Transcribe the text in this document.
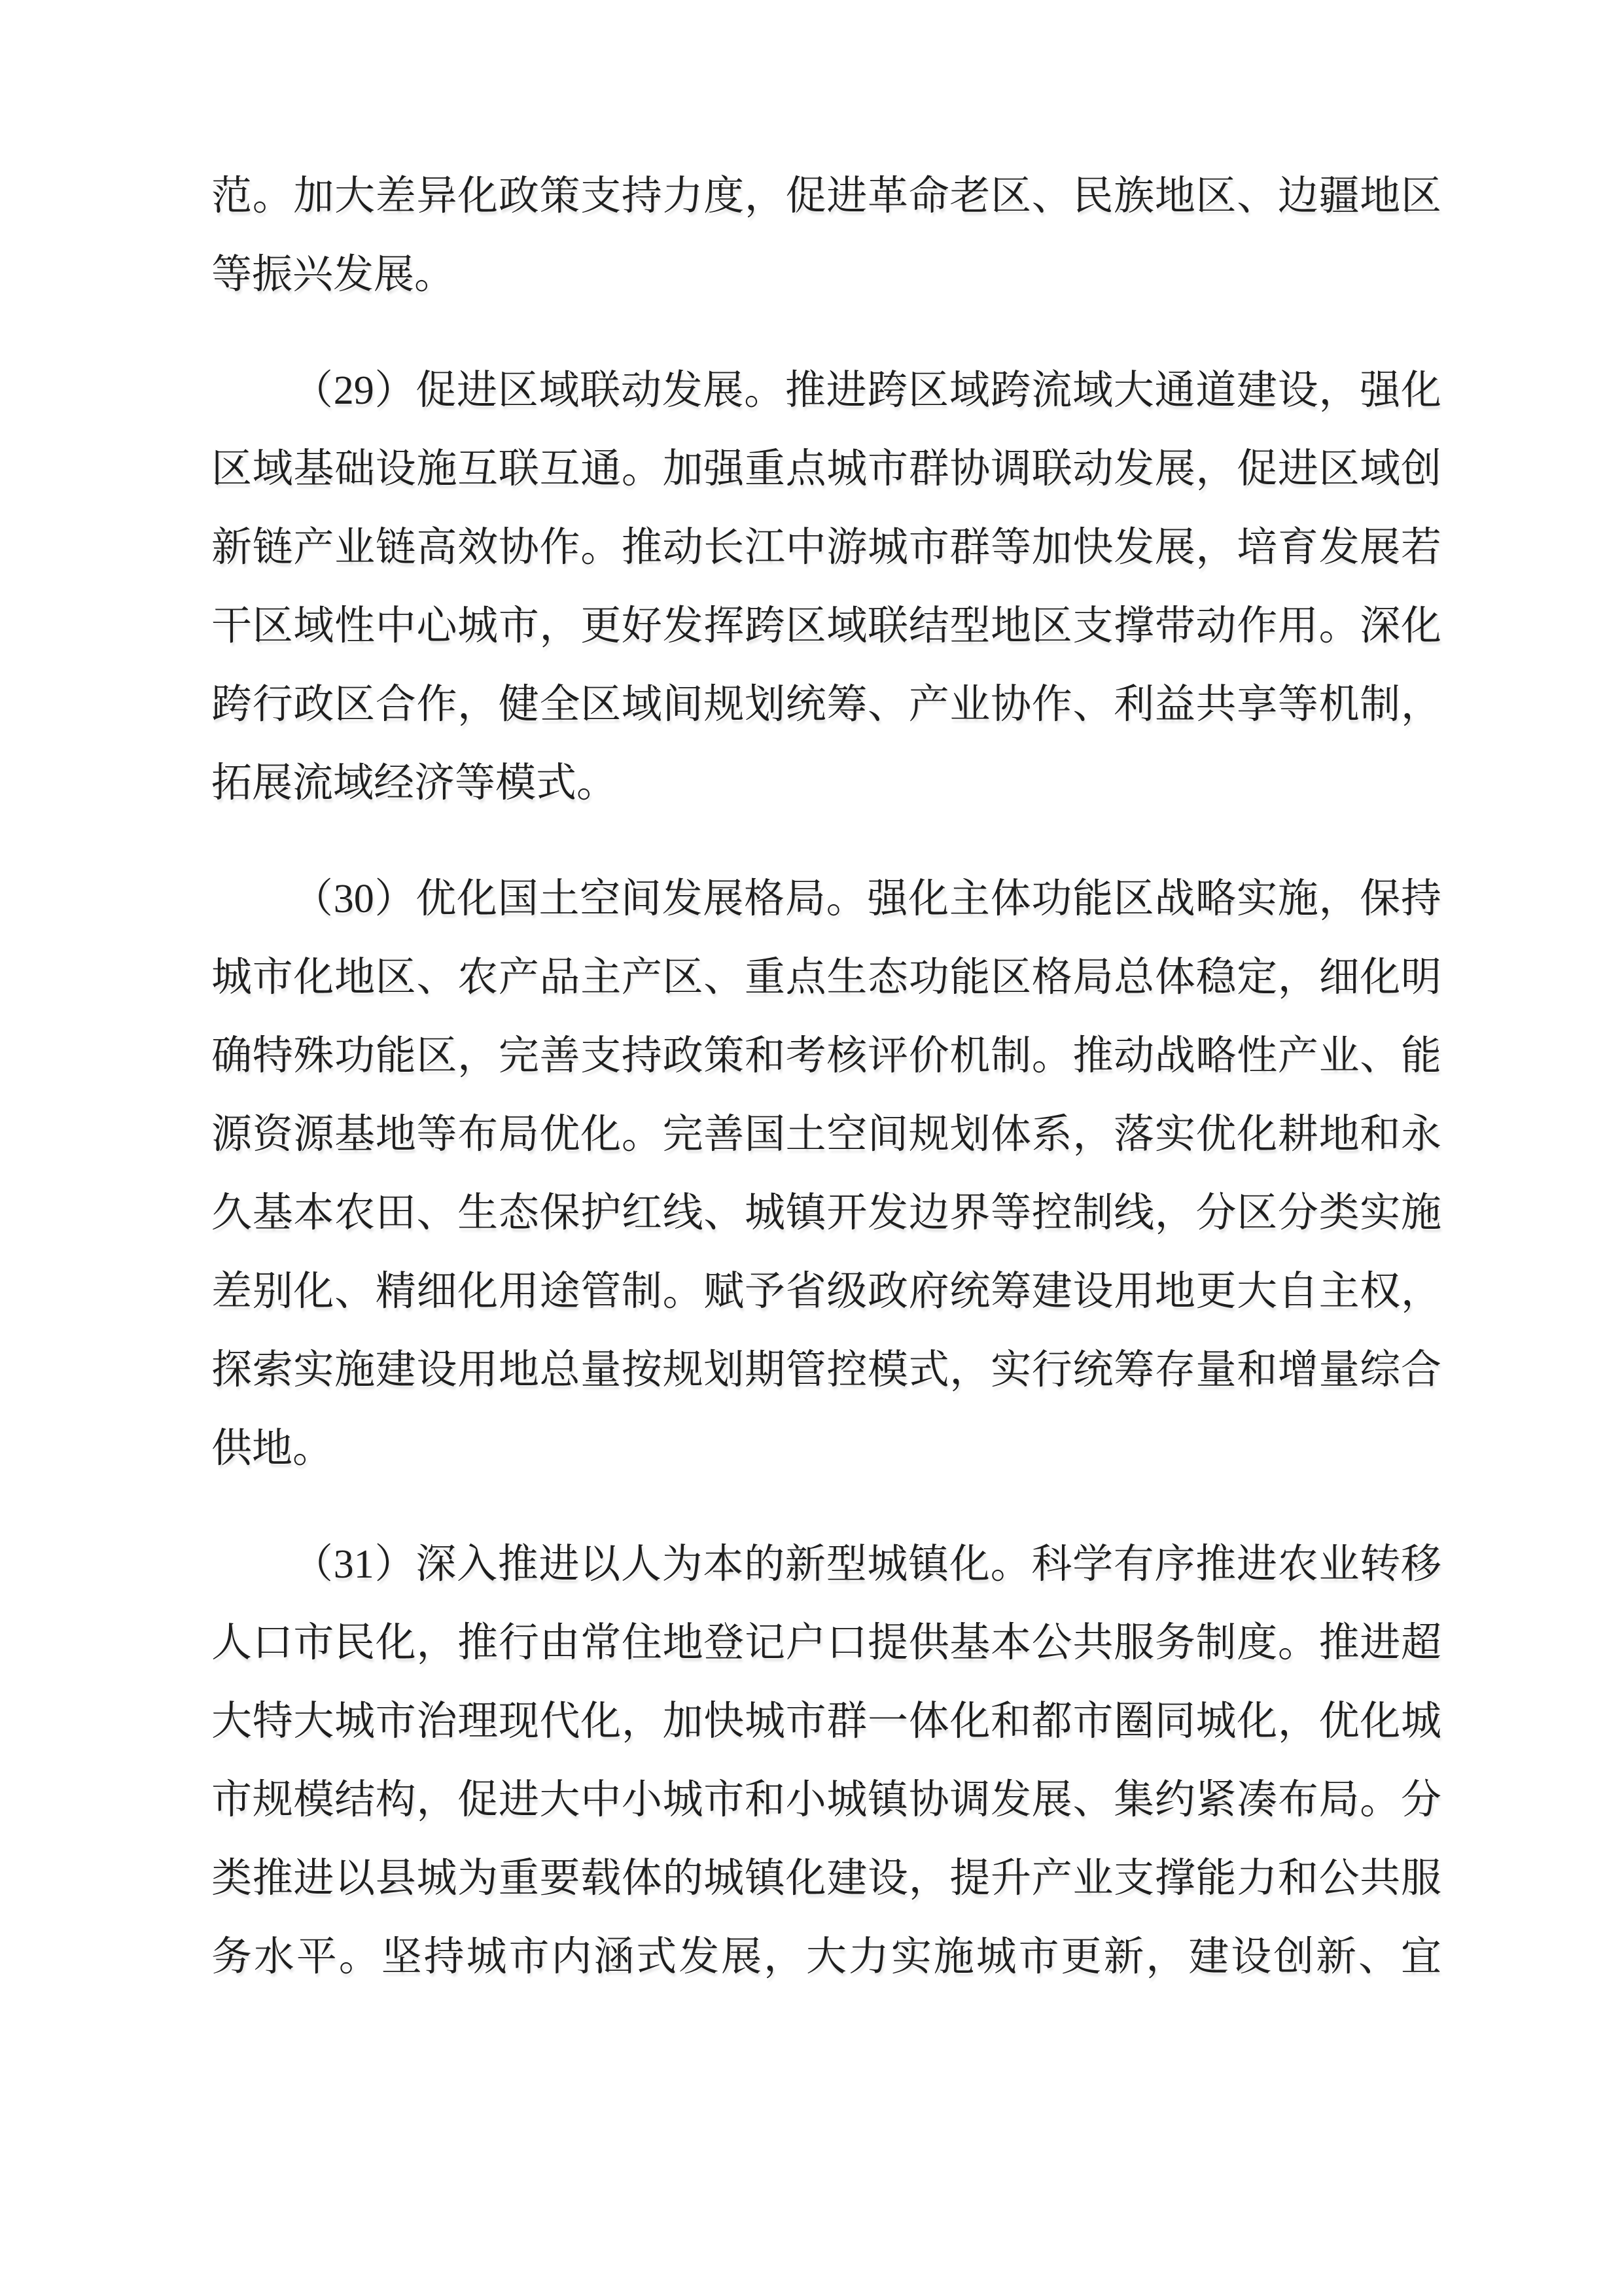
范。加大差异化政策支持力度，促进革命老区、民族地区、边疆地区等振兴发展。

（29）促进区域联动发展。推进跨区域跨流域大通道建设，强化区域基础设施互联互通。加强重点城市群协调联动发展，促进区域创新链产业链高效协作。推动长江中游城市群等加快发展，培育发展若干区域性中心城市，更好发挥跨区域联结型地区支撑带动作用。深化跨行政区合作，健全区域间规划统筹、产业协作、利益共享等机制，拓展流域经济等模式。

（30）优化国土空间发展格局。强化主体功能区战略实施，保持城市化地区、农产品主产区、重点生态功能区格局总体稳定，细化明确特殊功能区，完善支持政策和考核评价机制。推动战略性产业、能源资源基地等布局优化。完善国土空间规划体系，落实优化耕地和永久基本农田、生态保护红线、城镇开发边界等控制线，分区分类实施差别化、精细化用途管制。赋予省级政府统筹建设用地更大自主权，探索实施建设用地总量按规划期管控模式，实行统筹存量和增量综合供地。

（31）深入推进以人为本的新型城镇化。科学有序推进农业转移人口市民化，推行由常住地登记户口提供基本公共服务制度。推进超大特大城市治理现代化，加快城市群一体化和都市圈同城化，优化城市规模结构，促进大中小城市和小城镇协调发展、集约紧凑布局。分类推进以县城为重要载体的城镇化建设，提升产业支撑能力和公共服务水平。坚持城市内涵式发展，大力实施城市更新，建设创新、宜
